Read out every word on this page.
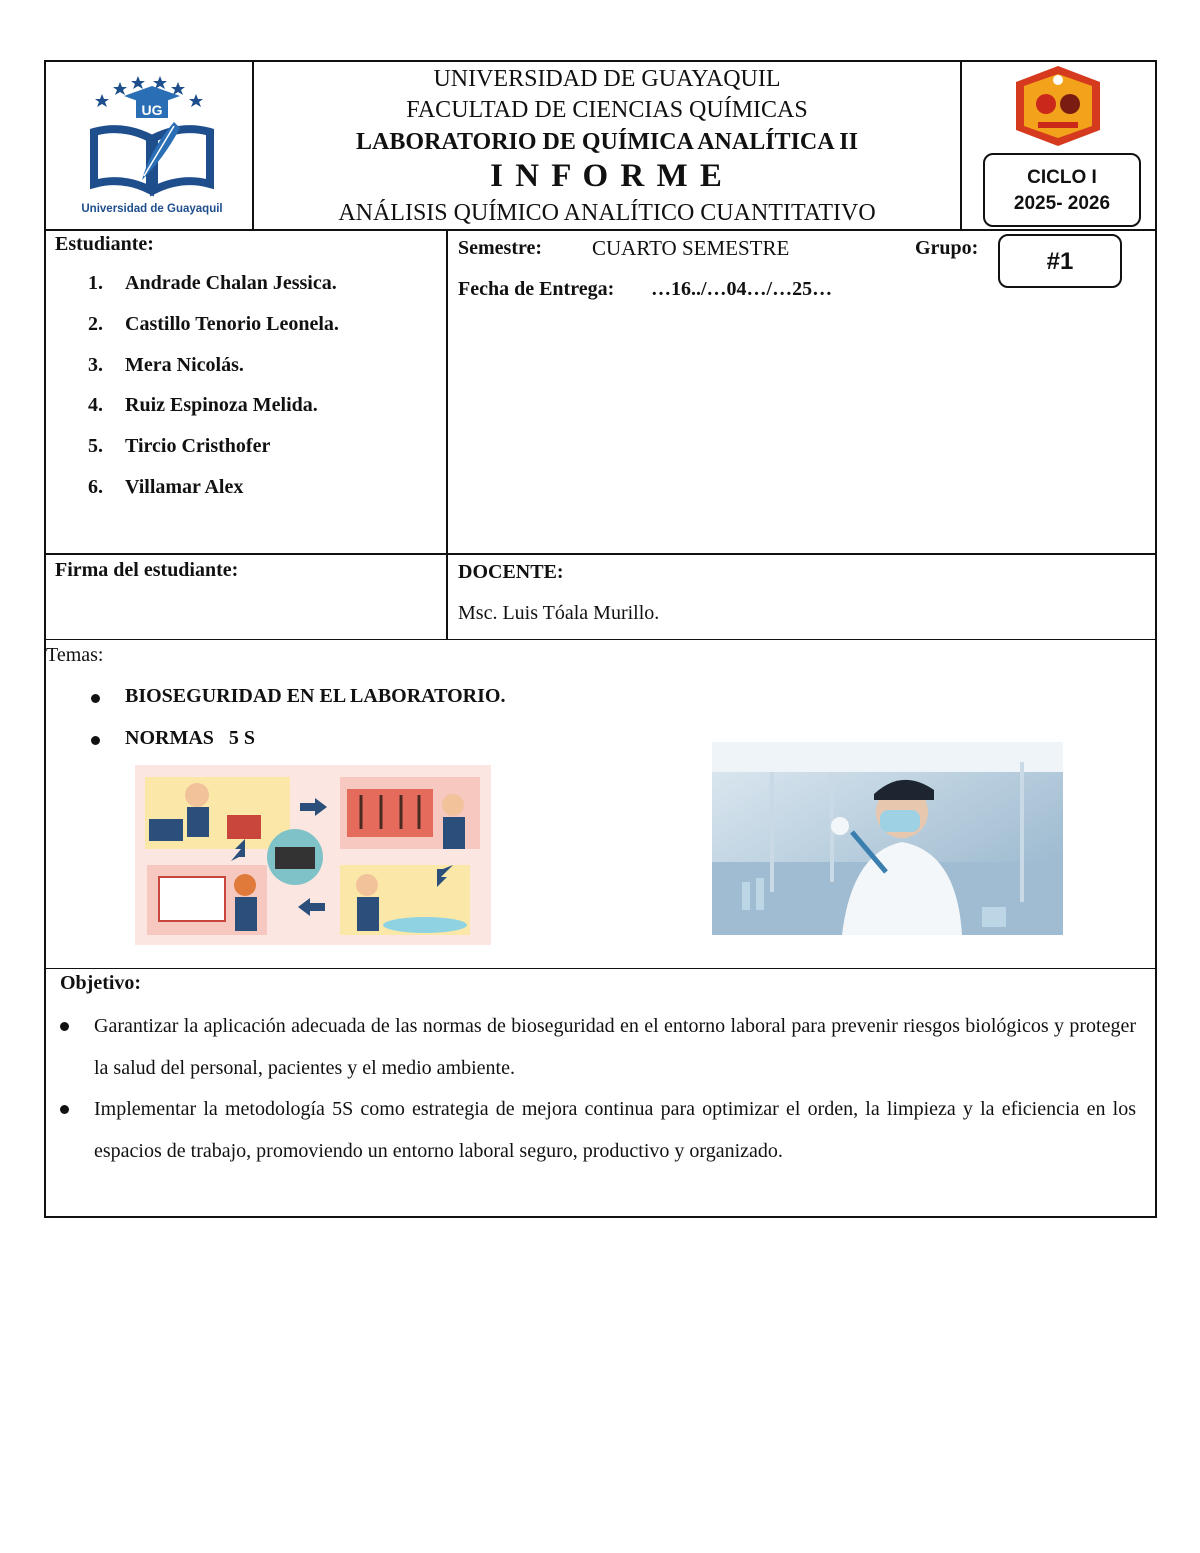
UG
Universidad de Guayaquil
UNIVERSIDAD DE GUAYAQUIL
FACULTAD DE CIENCIAS QUÍMICAS
LABORATORIO DE QUÍMICA ANALÍTICA II
I N F O R M E
ANÁLISIS QUÍMICO ANALÍTICO CUANTITATIVO
CICLO I
2025- 2026
Estudiante:
1. Andrade Chalan Jessica.
2. Castillo Tenorio Leonela.
3. Mera Nicolás.
4. Ruiz Espinoza Melida.
5. Tircio Cristhofer
6. Villamar Alex
Semestre: CUARTO SEMESTRE	Grupo:	#1
Fecha de Entrega: …16../…04…/…25…
Firma del estudiante:	DOCENTE:
Msc. Luis Tóala Murillo.
Temas:
BIOSEGURIDAD EN EL LABORATORIO.
NORMAS   5 S
Objetivo:
Garantizar la aplicación adecuada de las normas de bioseguridad en el entorno laboral para prevenir riesgos biológicos y proteger la salud del personal, pacientes y el medio ambiente.
Implementar la metodología 5S como estrategia de mejora continua para optimizar el orden, la limpieza y la eficiencia en los espacios de trabajo, promoviendo un entorno laboral seguro, productivo y organizado.
